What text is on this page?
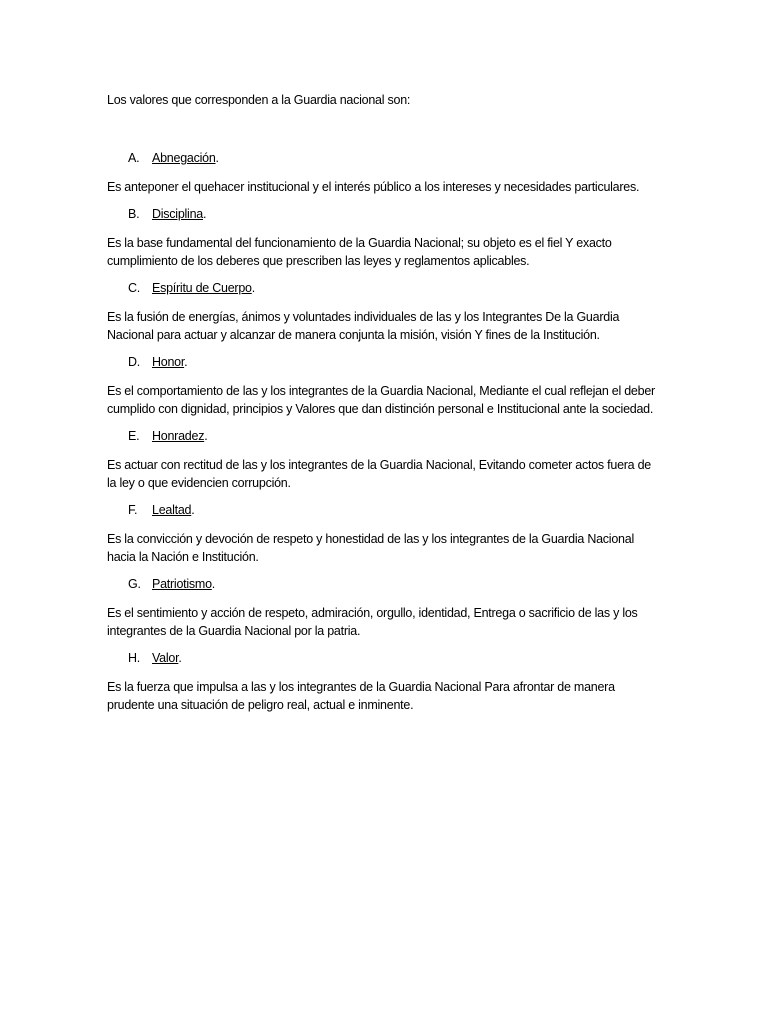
Los valores que corresponden a la Guardia nacional son:

A. Abnegación.

Es anteponer el quehacer institucional y el interés público a los intereses y necesidades particulares.

B. Disciplina.

Es la base fundamental del funcionamiento de la Guardia Nacional; su objeto es el fiel Y exacto cumplimiento de los deberes que prescriben las leyes y reglamentos aplicables.

C. Espíritu de Cuerpo.

Es la fusión de energías, ánimos y voluntades individuales de las y los Integrantes De la Guardia Nacional para actuar y alcanzar de manera conjunta la misión, visión Y fines de la Institución.

D. Honor.

Es el comportamiento de las y los integrantes de la Guardia Nacional, Mediante el cual reflejan el deber cumplido con dignidad, principios y Valores que dan distinción personal e Institucional ante la sociedad.

E. Honradez.

Es actuar con rectitud de las y los integrantes de la Guardia Nacional, Evitando cometer actos fuera de la ley o que evidencien corrupción.

F. Lealtad.

Es la convicción y devoción de respeto y honestidad de las y los integrantes de la Guardia Nacional hacia la Nación e Institución.

G. Patriotismo.

Es el sentimiento y acción de respeto, admiración, orgullo, identidad, Entrega o sacrificio de las y los integrantes de la Guardia Nacional por la patria.

H. Valor.

Es la fuerza que impulsa a las y los integrantes de la Guardia Nacional Para afrontar de manera prudente una situación de peligro real, actual e inminente.
